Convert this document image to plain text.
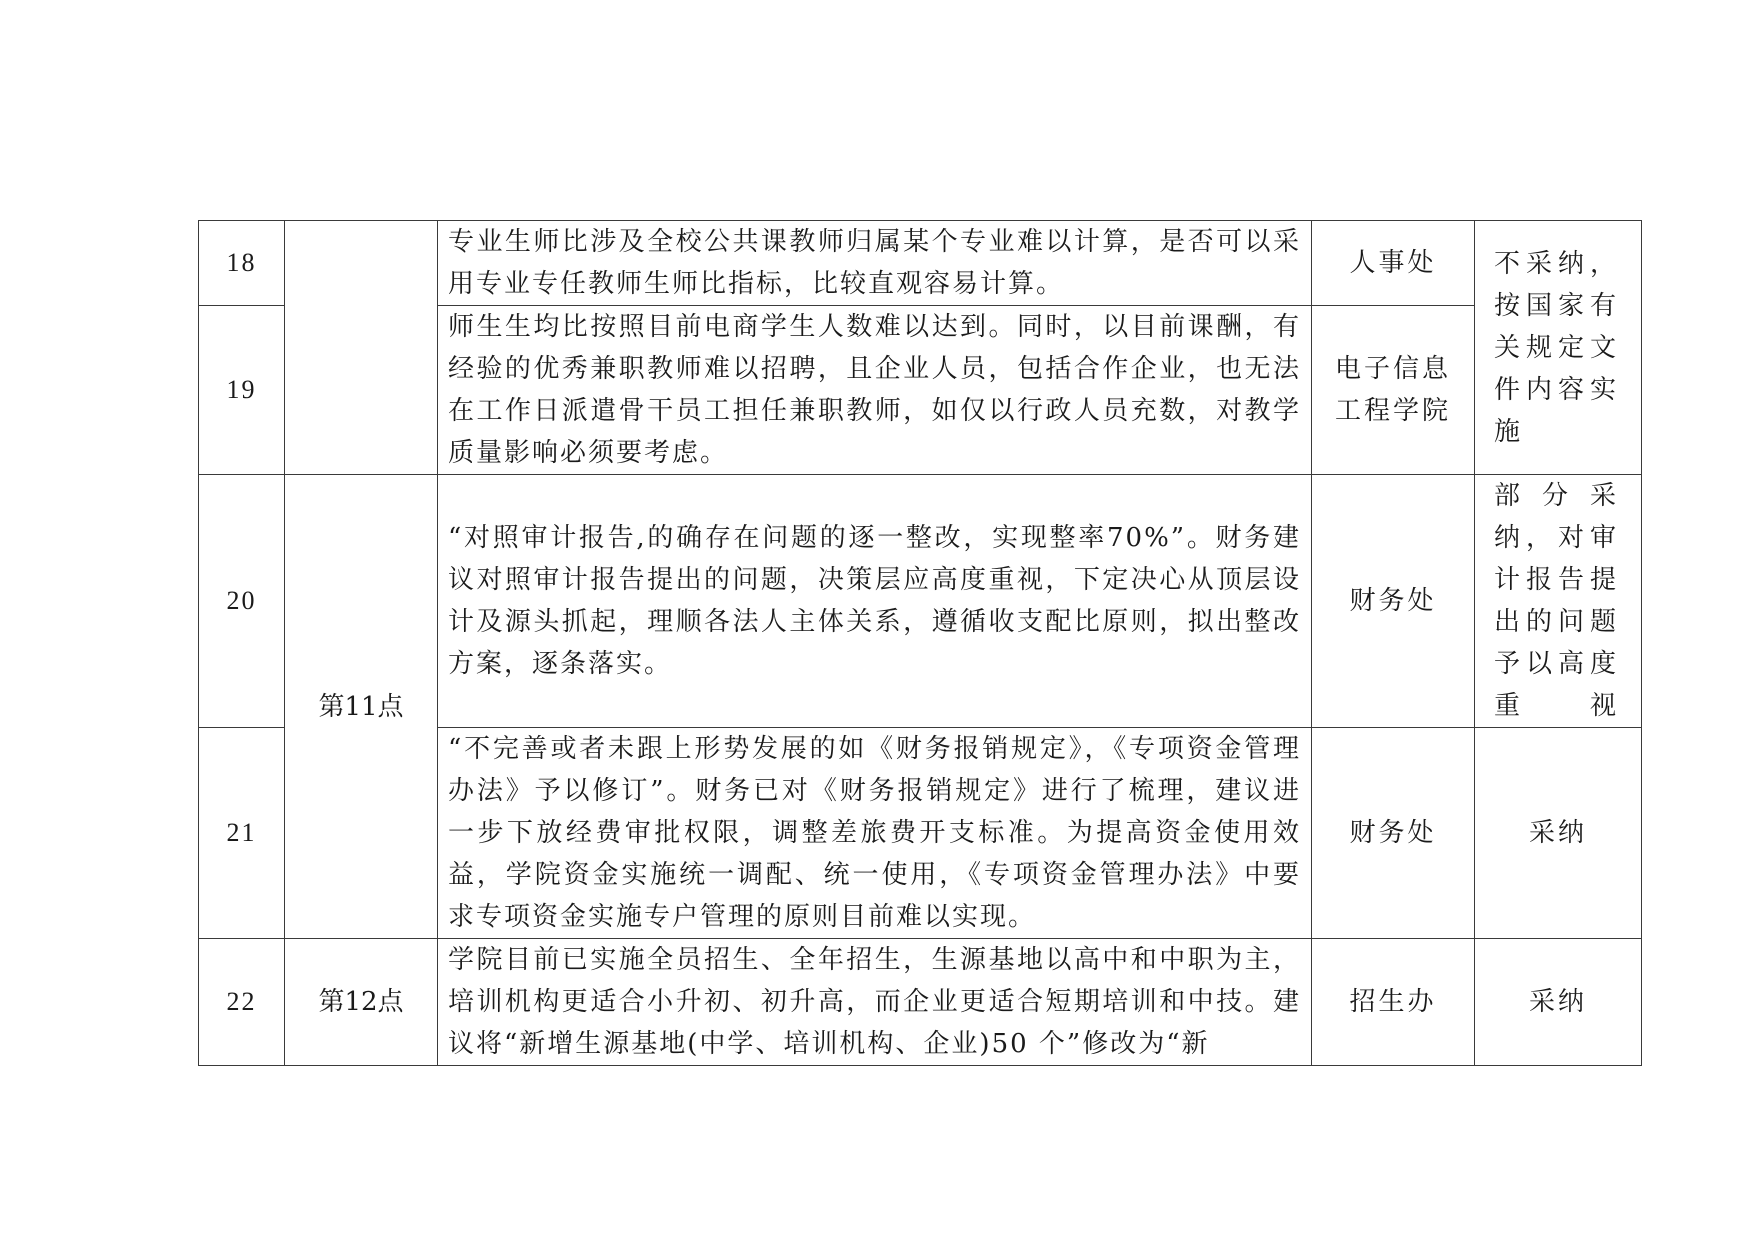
18		专业生师比涉及全校公共课教师归属某个专业难以计算，是否可以采用专业专任教师生师比指标，比较直观容易计算。	人事处	不采纳，按国家有关规定文件内容实施
19		师生生均比按照目前电商学生人数难以达到。同时，以目前课酬，有经验的优秀兼职教师难以招聘，且企业人员，包括合作企业，也无法在工作日派遣骨干员工担任兼职教师，如仅以行政人员充数，对教学质量影响必须要考虑。	电子信息工程学院	
20	第11点	“对照审计报告,的确存在问题的逐一整改，实现整率70%”。财务建议对照审计报告提出的问题，决策层应高度重视，下定决心从顶层设计及源头抓起，理顺各法人主体关系，遵循收支配比原则，拟出整改方案，逐条落实。	财务处	部分采纳，对审计报告提出的问题予以高度重视
21		“不完善或者未跟上形势发展的如《财务报销规定》，《专项资金管理办法》予以修订”。财务已对《财务报销规定》进行了梳理，建议进一步下放经费审批权限，调整差旅费开支标准。为提高资金使用效益，学院资金实施统一调配、统一使用，《专项资金管理办法》中要求专项资金实施专户管理的原则目前难以实现。	财务处	采纳
22	第12点	学院目前已实施全员招生、全年招生，生源基地以高中和中职为主，培训机构更适合小升初、初升高，而企业更适合短期培训和中技。建议将“新增生源基地(中学、培训机构、企业)50 个”修改为“新	招生办	采纳
